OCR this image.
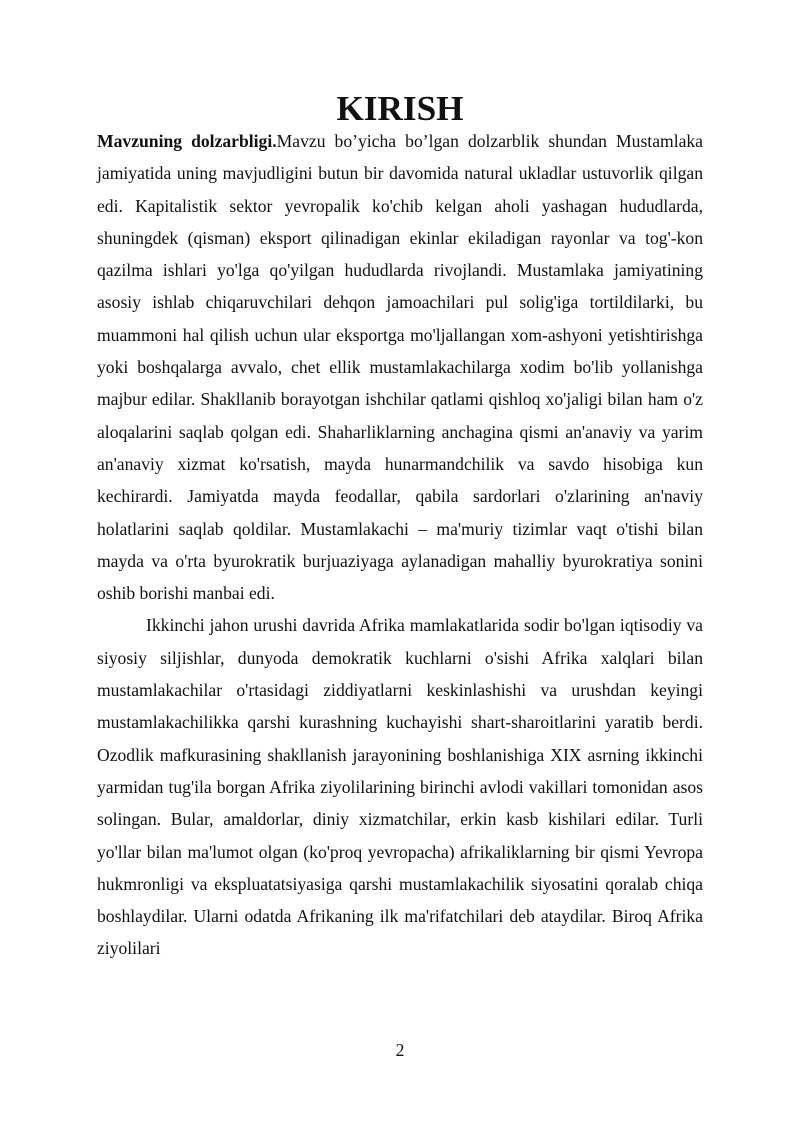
KIRISH

Mavzuning dolzarbligi.Mavzu bo’yicha bo’lgan dolzarblik shundan Mustamlaka jamiyatida uning mavjudligini butun bir davomida natural ukladlar ustuvorlik qilgan edi. Kapitalistik sektor yevropalik ko'chib kelgan aholi yashagan hududlarda, shuningdek (qisman) eksport qilinadigan ekinlar ekiladigan rayonlar va tog'-kon qazilma ishlari yo'lga qo'yilgan hududlarda rivojlandi. Mustamlaka jamiyatining asosiy ishlab chiqaruvchilari dehqon jamoachilari pul solig'iga tortildilarki, bu muammoni hal qilish uchun ular eksportga mo'ljallangan xom-ashyoni yetishtirishga yoki boshqalarga avvalo, chet ellik mustamlakachilarga xodim bo'lib yollanishga majbur edilar. Shakllanib borayotgan ishchilar qatlami qishloq xo'jaligi bilan ham o'z aloqalarini saqlab qolgan edi. Shaharliklarning anchagina qismi an'anaviy va yarim an'anaviy xizmat ko'rsatish, mayda hunarmandchilik va savdo hisobiga kun kechirardi. Jamiyatda mayda feodallar, qabila sardorlari o'zlarining an'naviy holatlarini saqlab qoldilar. Mustamlakachi – ma'muriy tizimlar vaqt o'tishi bilan mayda va o'rta byurokratik burjuaziyaga aylanadigan mahalliy byurokratiya sonini oshib borishi manbai edi.

Ikkinchi jahon urushi davrida Afrika mamlakatlarida sodir bo'lgan iqtisodiy va siyosiy siljishlar, dunyoda demokratik kuchlarni o'sishi Afrika xalqlari bilan mustamlakachilar o'rtasidagi ziddiyatlarni keskinlashishi va urushdan keyingi mustamlakachilikka qarshi kurashning kuchayishi shart-sharoitlarini yaratib berdi. Ozodlik mafkurasining shakllanish jarayonining boshlanishiga XIX asrning ikkinchi yarmidan tug'ila borgan Afrika ziyolilarining birinchi avlodi vakillari tomonidan asos solingan. Bular, amaldorlar, diniy xizmatchilar, erkin kasb kishilari edilar. Turli yo'llar bilan ma'lumot olgan (ko'proq yevropacha) afrikaliklarning bir qismi Yevropa hukmronligi va ekspluatatsiyasiga qarshi mustamlakachilik siyosatini qoralab chiqa boshlaydilar. Ularni odatda Afrikaning ilk ma'rifatchilari deb ataydilar. Biroq Afrika ziyolilari

2
